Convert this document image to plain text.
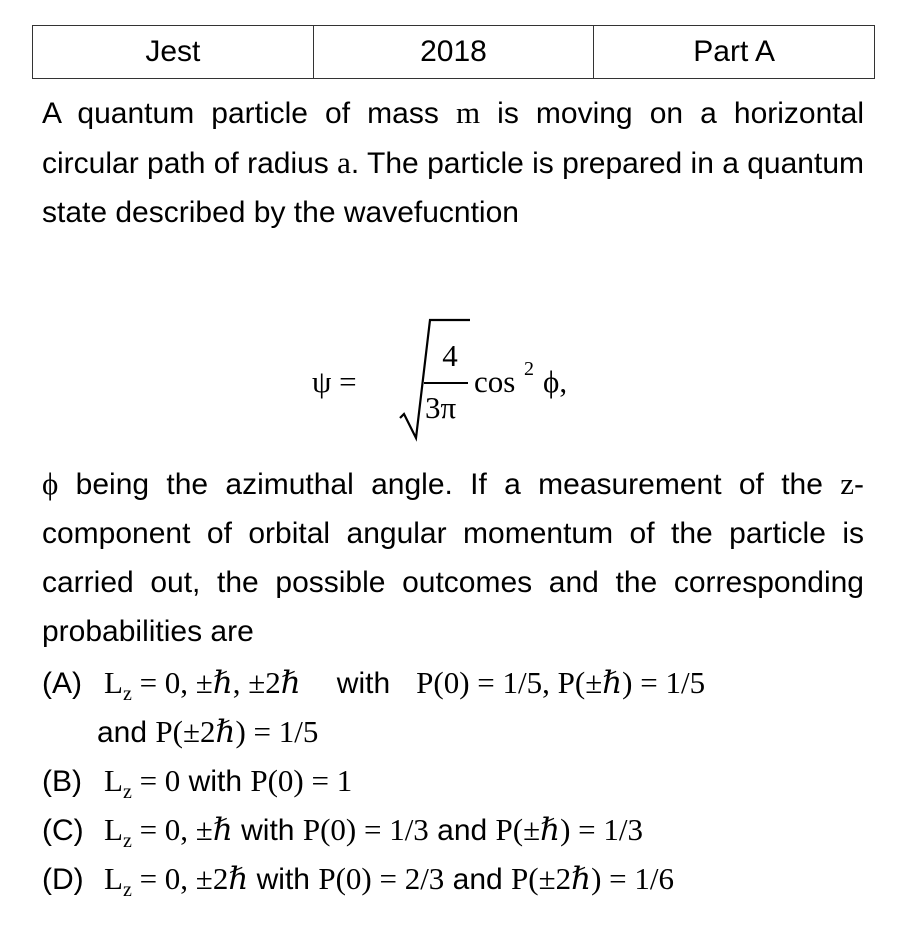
Jest	2018	Part A

A quantum particle of mass m is moving on a horizontal circular path of radius a. The particle is prepared in a quantum state described by the wavefucntion

ψ =
4
3π
cos 2 ϕ,

ϕ being the azimuthal angle. If a measurement of the z-component of orbital angular momentum of the particle is carried out, the possible outcomes and the corresponding probabilities are

(A) $L_z = 0$, ±ℏ, ±2ℏ with P(0) = 1/5, P(±ℏ) = 1/5
and P(±2ℏ) = 1/5
(B) $L_z = 0$ with P(0) = 1
(C) $L_z = 0$, ±ℏ with P(0) = 1/3 and P(±ℏ) = 1/3
(D) $L_z = 0$, ±2ℏ with P(0) = 2/3 and P(±2ℏ) = 1/6
